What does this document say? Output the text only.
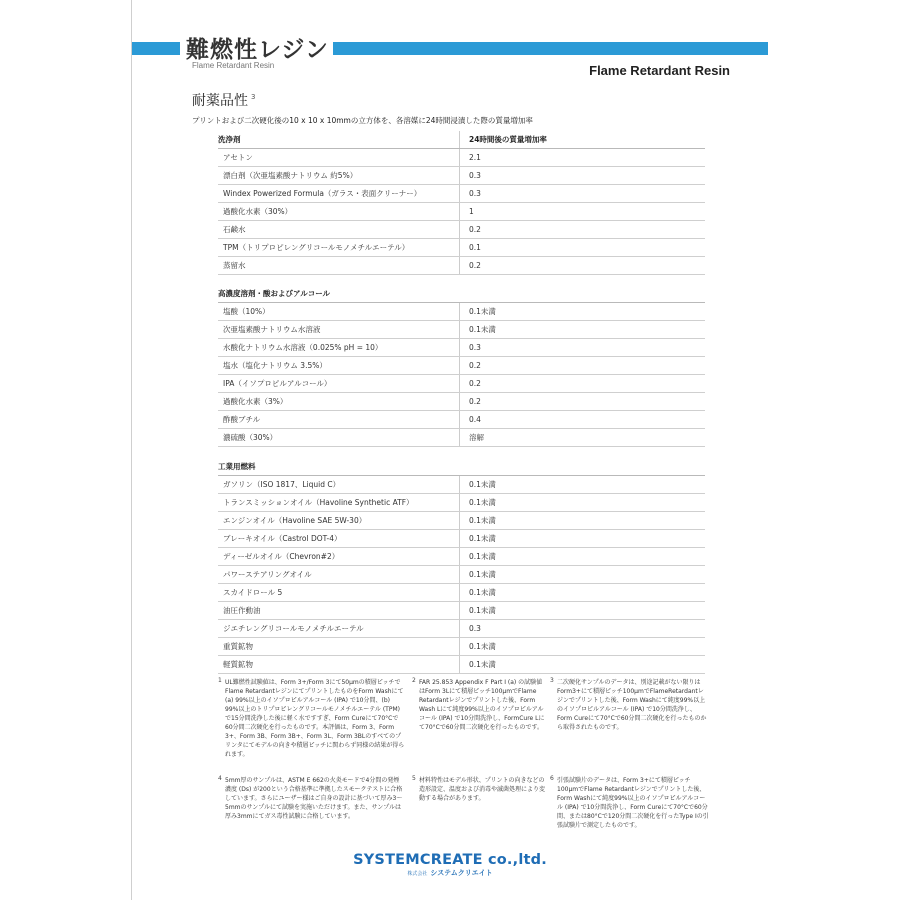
難燃性レジン
Flame Retardant Resin	Flame Retardant Resin
耐薬品性 $^3$
プリントおよび二次硬化後の10 x 10 x 10mmの立方体を、各溶媒に24時間浸漬した際の質量増加率
洗浄剤	24時間後の質量増加率
アセトン	2.1
漂白剤（次亜塩素酸ナトリウム 約5%）	0.3
Windex Powerized Formula（ガラス・表面クリーナー）	0.3
過酸化水素（30%）	1
石鹸水	0.2
TPM（トリプロピレングリコールモノメチルエーテル）	0.1
蒸留水	0.2
高濃度溶剤・酸およびアルコール
塩酸（10%）	0.1未満
次亜塩素酸ナトリウム水溶液	0.1未満
水酸化ナトリウム水溶液（0.025% pH = 10）	0.3
塩水（塩化ナトリウム 3.5%）	0.2
IPA（イソプロピルアルコール）	0.2
過酸化水素（3%）	0.2
酢酸ブチル	0.4
濃硫酸（30%）	溶解
工業用燃料
ガソリン（ISO 1817、Liquid C）	0.1未満
トランスミッションオイル（Havoline Synthetic ATF）	0.1未満
エンジンオイル（Havoline SAE 5W-30）	0.1未満
ブレーキオイル（Castrol DOT-4）	0.1未満
ディーゼルオイル（Chevron#2）	0.1未満
パワーステアリングオイル	0.1未満
スカイドロール 5	0.1未満
油圧作動油	0.1未満
ジエチレングリコールモノメチルエーテル	0.3
重質鉱物	0.1未満
軽質鉱物	0.1未満
1 UL難燃性試験値は、Form 3+/Form 3にて50µmの積層ピッチでFlame RetardantレジンにてプリントしたものをForm Washにて (a) 99%以上のイソプロピルアルコール (IPA) で10分間、(b) 99%以上のトリプロピレングリコールモノメチルエーテル (TPM) で15分間洗浄した後に軽く水ですすぎ、Form Cureにて70°Cで60分間二次硬化を行ったものです。本評価は、Form 3、Form 3+、Form 3B、Form 3B+、Form 3L、Form 3BLのすべてのプリンタにてモデルの向きや積層ピッチに関わらず同様の結果が得られます。
2 FAR 25.853 Appendix F Part I (a) の試験値はForm 3Lにて積層ピッチ100µmでFlame Retardantレジンでプリントした後、Form Wash Lにて純度99%以上のイソプロピルアルコール (IPA) で10分間洗浄し、FormCure Lにて70°Cで60分間二次硬化を行ったものです。
3 二次硬化サンプルのデータは、別途記載がない限りはForm3+にて積層ピッチ100µmでFlameRetardantレジンでプリントした後、Form Washにて純度99%以上のイソプロピルアルコール (IPA) で10分間洗浄し、Form Cureにて70°Cで60分間二次硬化を行ったものから取得されたものです。
4 5mm厚のサンプルは、ASTM E 662の火炎モードで4分間の発煙濃度 (Ds) が200という合格基準に準拠したスモークテストに合格しています。さらにユーザー様はご自身の設計に基づいて厚み3〜5mmのサンプルにて試験を実施いただけます。また、サンプルは厚み3mmにてガス毒性試験に合格しています。
5 材料特性はモデル形状、プリントの向きなどの造形設定、温度および消毒や滅菌処理により変動する場合があります。
6 引張試験片のデータは、Form 3+にて積層ピッチ100µmでFlame Retardantレジンでプリントした後、Form Washにて純度99%以上のイソプロピルアルコール (IPA) で10分間洗浄し、Form Cureにて70°Cで60分間、または80°Cで120分間二次硬化を行ったType Iの引張試験片で測定したものです。
SYSTEMCREATE co.,ltd.
株式会社 システムクリエイト
